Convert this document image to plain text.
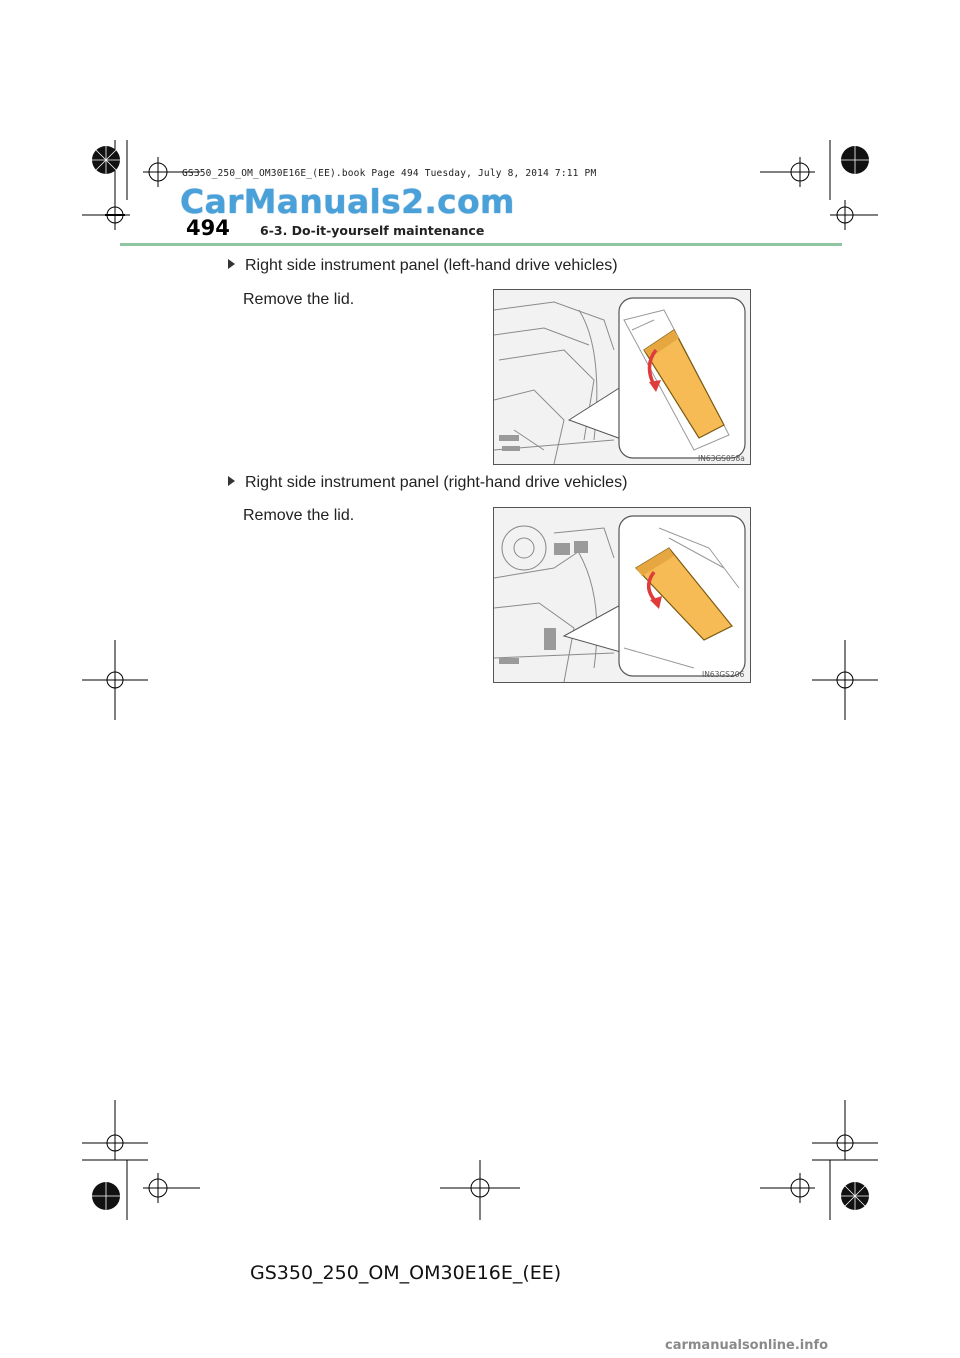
GS350_250_OM_OM30E16E_(EE).book Page 494 Tuesday, July 8, 2014 7:11 PM
CarManuals2.com
494 6-3. Do-it-yourself maintenance
Right side instrument panel (left-hand drive vehicles)
Remove the lid.
IN63GS058a
Right side instrument panel (right-hand drive vehicles)
Remove the lid.
IN63GS206
GS350_250_OM_OM30E16E_(EE)
carmanualsonline.info
